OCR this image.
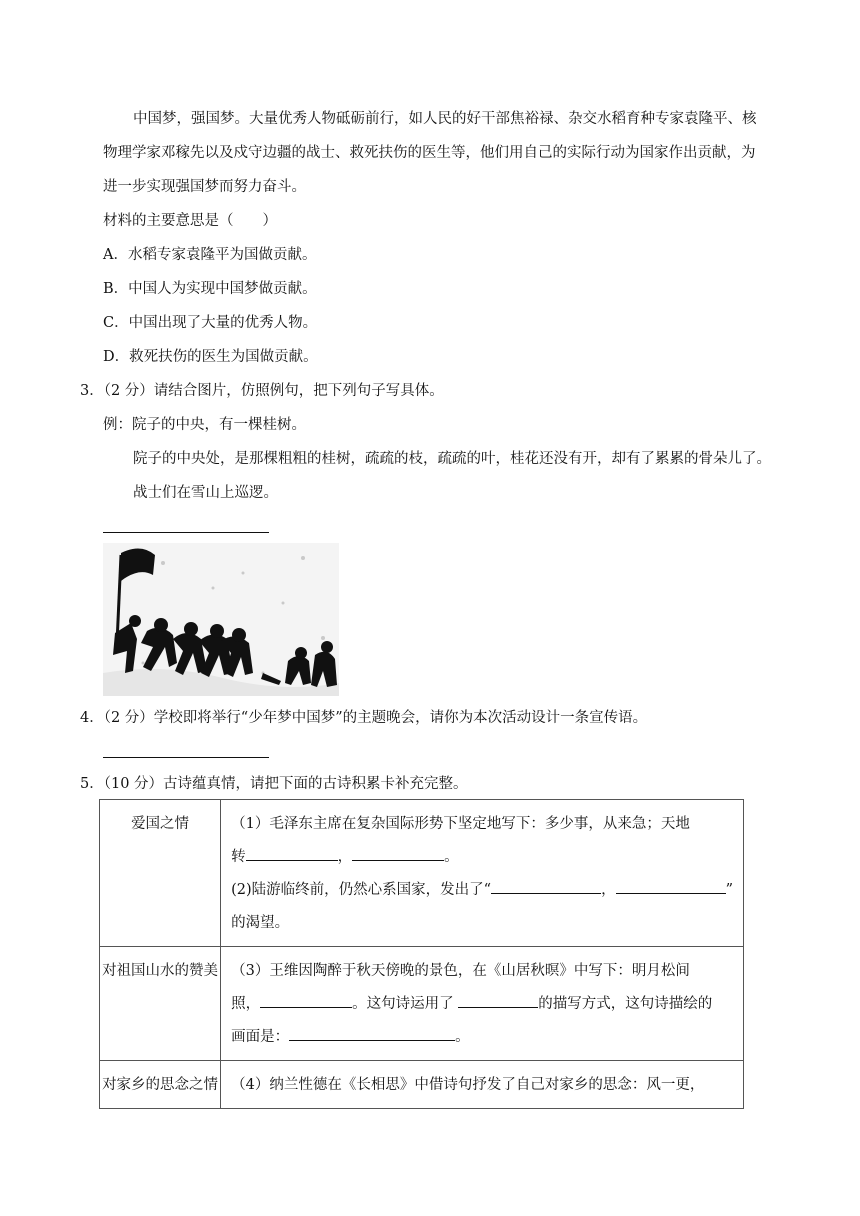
中国梦，强国梦。大量优秀人物砥砺前行，如人民的好干部焦裕禄、杂交水稻育种专家袁隆平、核
物理学家邓稼先以及戍守边疆的战士、救死扶伤的医生等，他们用自己的实际行动为国家作出贡献，为
进一步实现强国梦而努力奋斗。
材料的主要意思是（　　）
A．水稻专家袁隆平为国做贡献。
B．中国人为实现中国梦做贡献。
C．中国出现了大量的优秀人物。
D．救死扶伤的医生为国做贡献。
3．（2 分）请结合图片，仿照例句，把下列句子写具体。
例：院子的中央，有一棵桂树。
院子的中央处，是那棵粗粗的桂树，疏疏的枝，疏疏的叶，桂花还没有开，却有了累累的骨朵儿了。
战士们在雪山上巡逻。
4．（2 分）学校即将举行“少年梦中国梦”的主题晚会，请你为本次活动设计一条宣传语。
5．（10 分）古诗蕴真情，请把下面的古诗积累卡补充完整。
爱国之情	（1）毛泽东主席在复杂国际形势下坚定地写下：多少事，从来急；天地
转 ， 。
(2)陆游临终前，仍然心系国家，发出了“ ， ”
的渴望。

对祖国山水的赞美	（3）王维因陶醉于秋天傍晚的景色，在《山居秋暝》中写下：明月松间
照， 。这句诗运用了 的描写方式，这句诗描绘的
画面是： 。

对家乡的思念之情	（4）纳兰性德在《长相思》中借诗句抒发了自己对家乡的思念：风一更，
